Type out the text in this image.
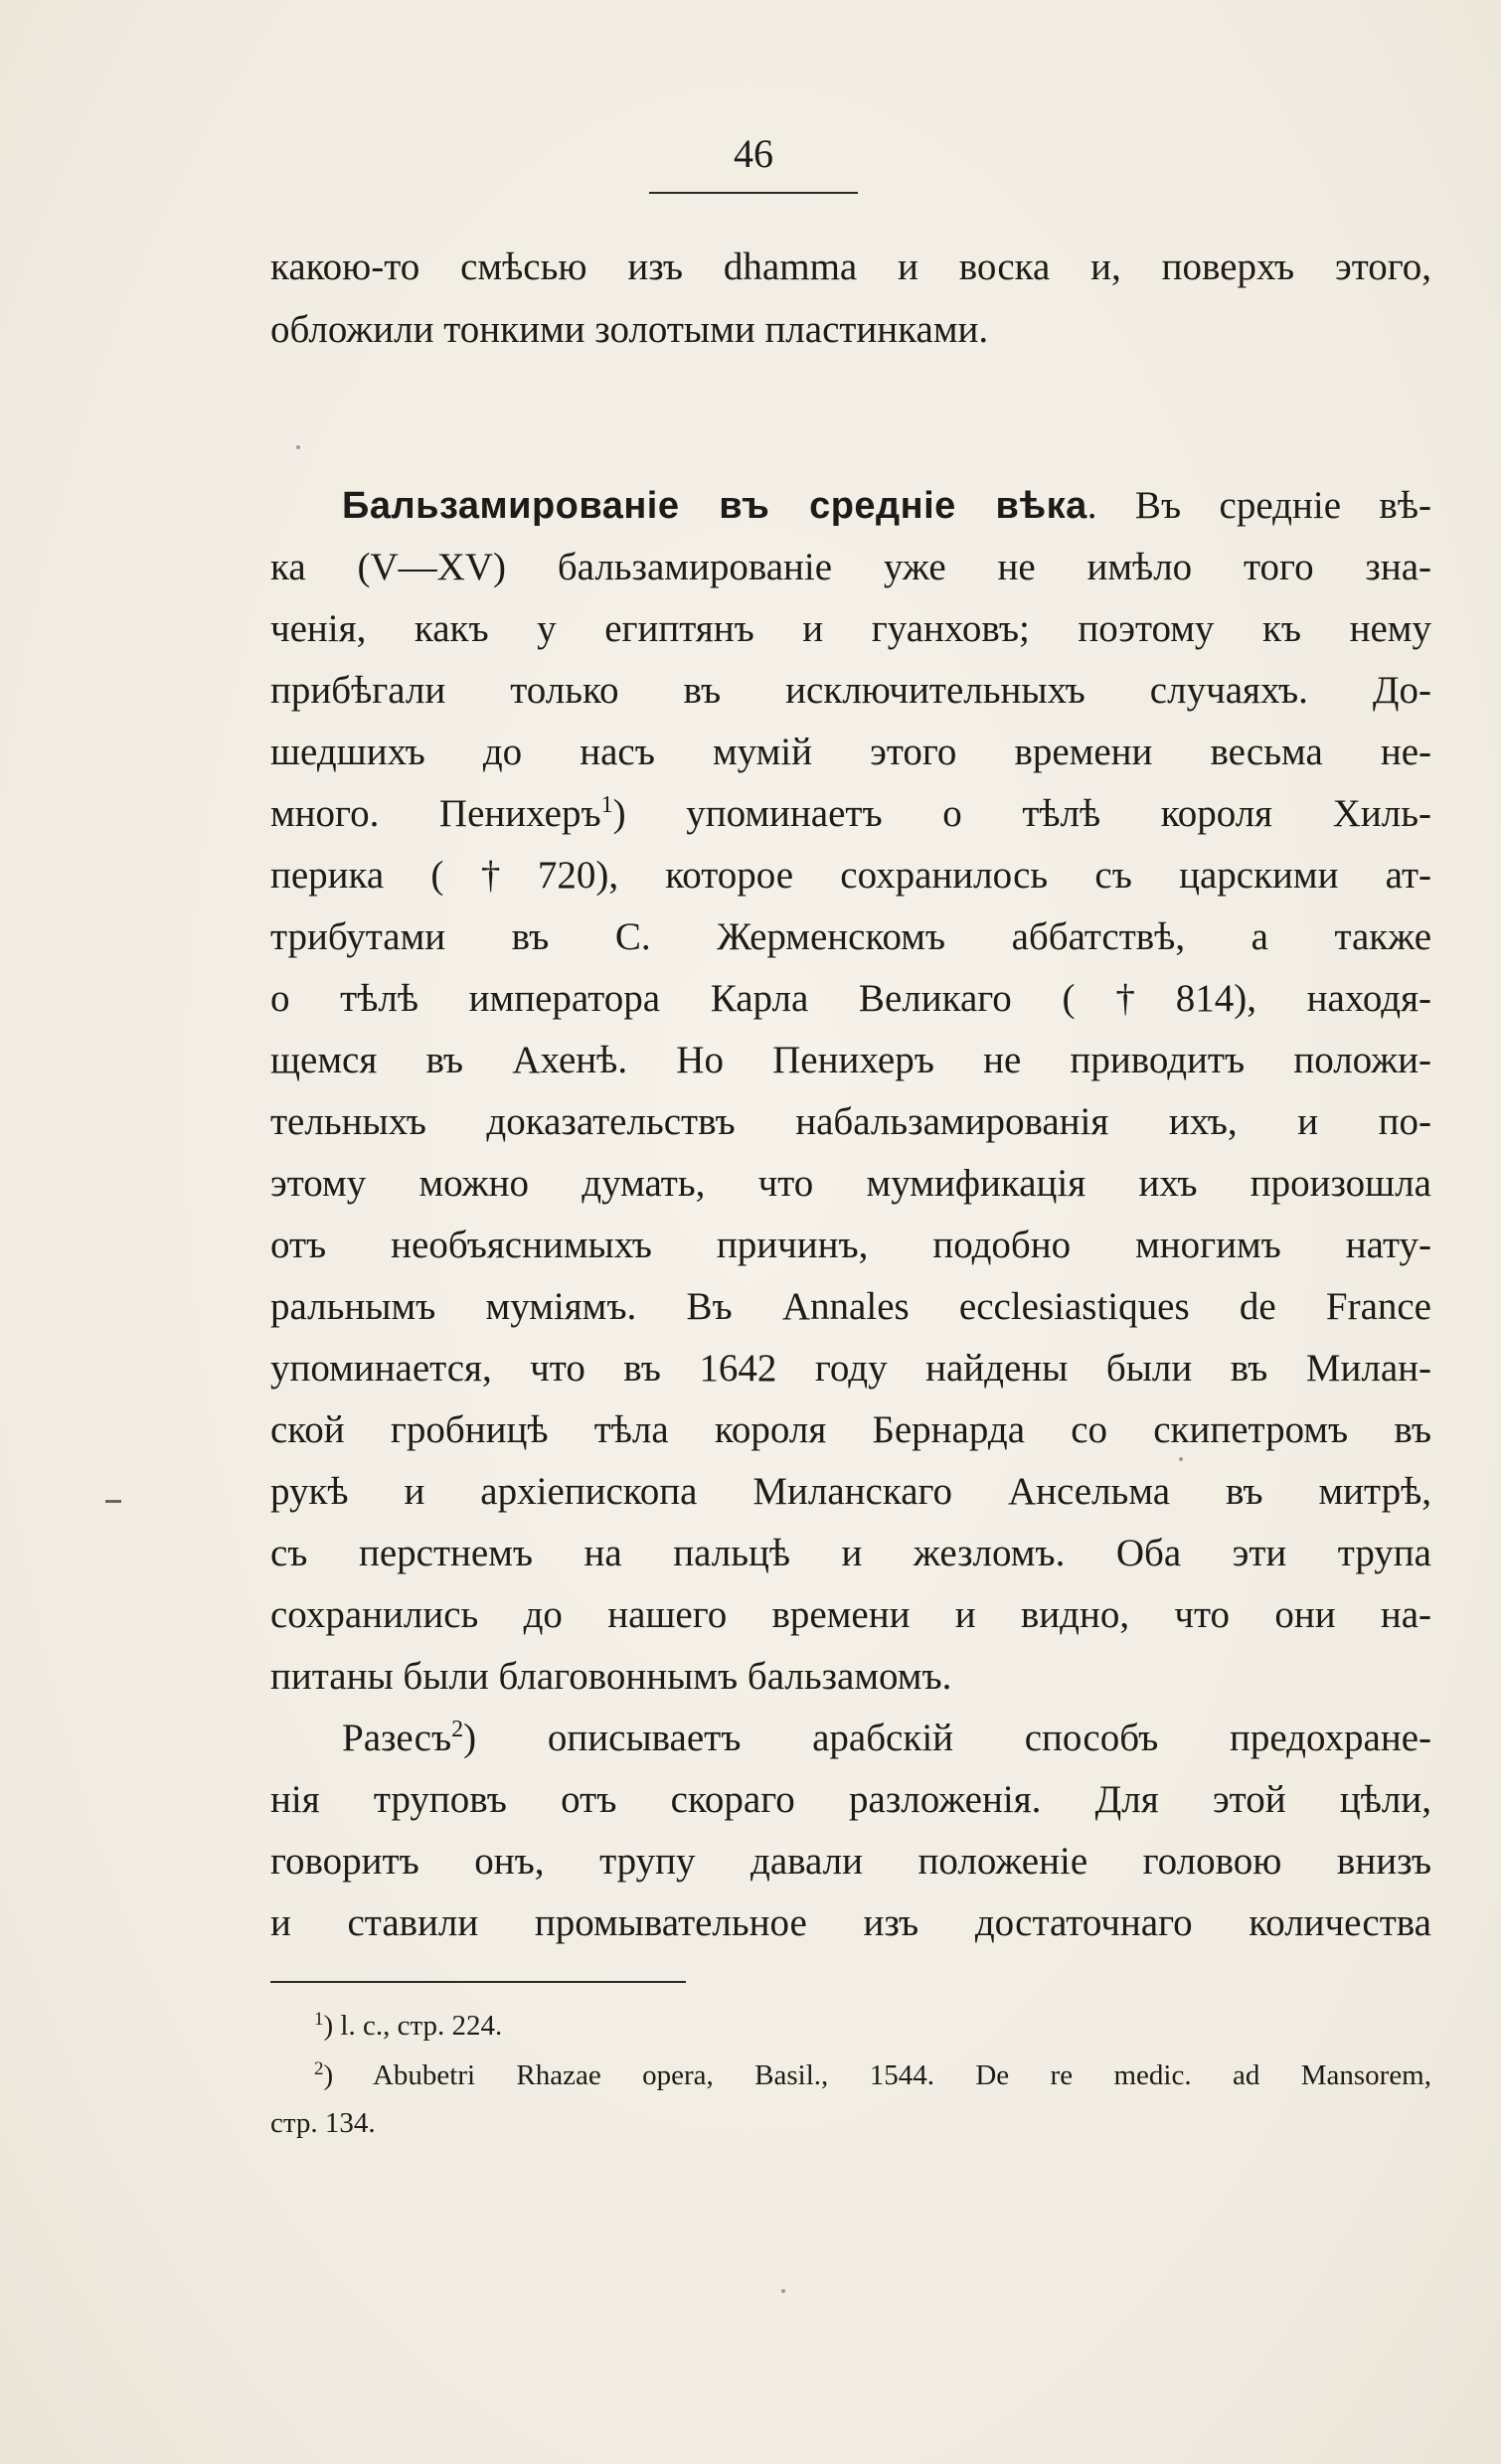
46
какою-то смѣсью изъ dhamma и воска и, поверхъ этого,
обложили тонкими золотыми пластинками.
Бальзамированіе въ средніе вѣка. Въ средніе вѣ-
ка (V—XV) бальзамированіе уже не имѣло того зна-
ченія, какъ у египтянъ и гуанховъ; поэтому къ нему
прибѣгали только въ исключительныхъ случаяхъ. До-
шедшихъ до насъ мумій этого времени весьма не-
много. Пенихеръ$^1$) упоминаетъ о тѣлѣ короля Хиль-
перика (†720), которое сохранилось съ царскими ат-
трибутами въ С. Жерменскомъ аббатствѣ, а также
о тѣлѣ императора Карла Великаго (†814), находя-
щемся въ Ахенѣ. Но Пенихеръ не приводитъ положи-
тельныхъ доказательствъ набальзамированія ихъ, и по-
этому можно думать, что мумификація ихъ произошла
отъ необъяснимыхъ причинъ, подобно многимъ нату-
ральнымъ муміямъ. Въ Annales ecclesiastiques de France
упоминается, что въ 1642 году найдены были въ Милан-
ской гробницѣ тѣла короля Бернарда со скипетромъ въ
рукѣ и архіепископа Миланскаго Ансельма въ митрѣ,
съ перстнемъ на пальцѣ и жезломъ. Оба эти трупа
сохранились до нашего времени и видно, что они на-
питаны были благовоннымъ бальзамомъ.
Разесъ$^2$) описываетъ арабскій способъ предохране-
нія труповъ отъ скораго разложенія. Для этой цѣли,
говоритъ онъ, трупу давали положеніе головою внизъ
и ставили промывательное изъ достаточнаго количества
$^1$) l. c., стр. 224.
$^2$) Abubetri Rhazae opera, Basil., 1544. De re medic. ad Mansorem,
стр. 134.
